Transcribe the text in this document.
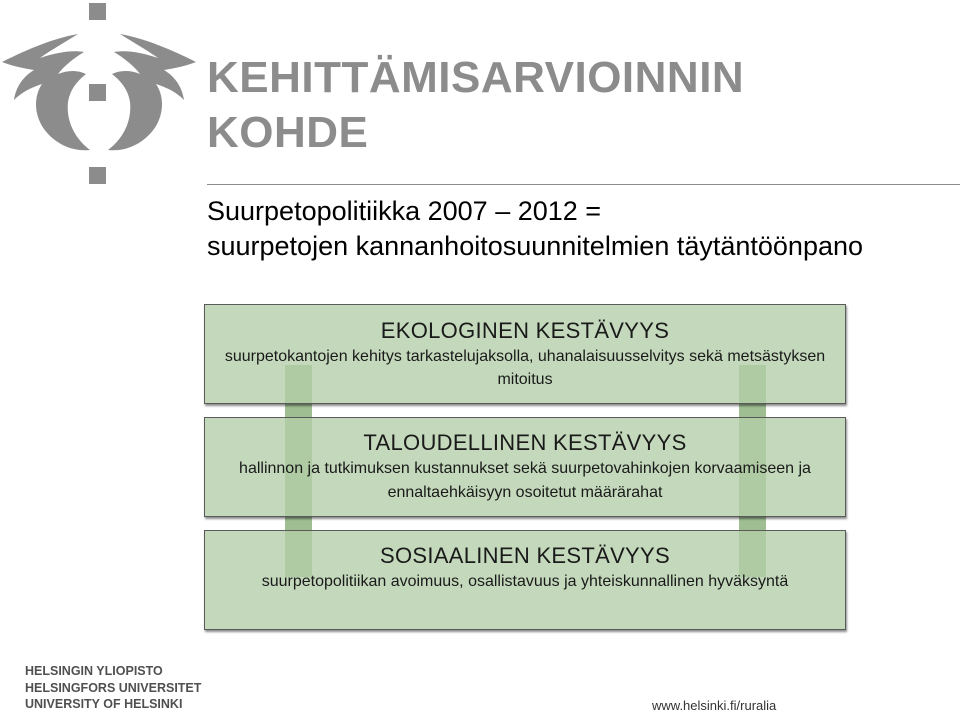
KEHITTÄMISARVIOINNIN
KOHDE
Suurpetopolitiikka 2007 – 2012 =
suurpetojen kannanhoitosuunnitelmien täytäntöönpano
EKOLOGINEN KESTÄVYYS
suurpetokantojen kehitys tarkastelujaksolla, uhanalaisuusselvitys sekä metsästyksen mitoitus
TALOUDELLINEN KESTÄVYYS
hallinnon ja tutkimuksen kustannukset sekä suurpetovahinkojen korvaamiseen ja ennaltaehkäisyyn osoitetut määrärahat
SOSIAALINEN KESTÄVYYS
suurpetopolitiikan avoimuus, osallistavuus ja yhteiskunnallinen hyväksyntä
HELSINGIN YLIOPISTO
HELSINGFORS UNIVERSITET
UNIVERSITY OF HELSINKI	www.helsinki.fi/ruralia
